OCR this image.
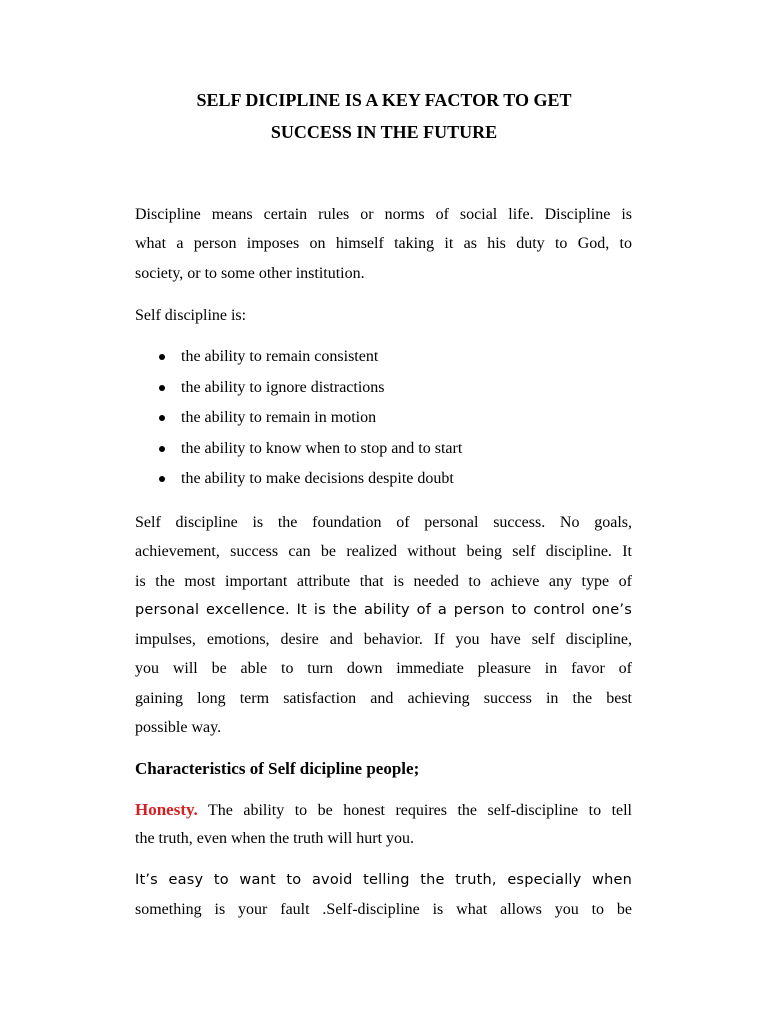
SELF DICIPLINE IS A KEY FACTOR TO GET
SUCCESS IN THE FUTURE

Discipline means certain rules or norms of social life. Discipline is
what a person imposes on himself taking it as his duty to God, to
society, or to some other institution.

Self discipline is:

the ability to remain consistent
the ability to ignore distractions
the ability to remain in motion
the ability to know when to stop and to start
the ability to make decisions despite doubt

Self discipline is the foundation of personal success. No goals,
achievement, success can be realized without being self discipline. It
is the most important attribute that is needed to achieve any type of
personal excellence. It is the ability of a person to control one’s
impulses, emotions, desire and behavior. If you have self discipline,
you will be able to turn down immediate pleasure in favor of
gaining long term satisfaction and achieving success in the best
possible way.

Characteristics of Self dicipline people;

Honesty. The ability to be honest requires the self-discipline to tell
the truth, even when the truth will hurt you.

It’s easy to want to avoid telling the truth, especially when
something is your fault .Self-discipline is what allows you to be
